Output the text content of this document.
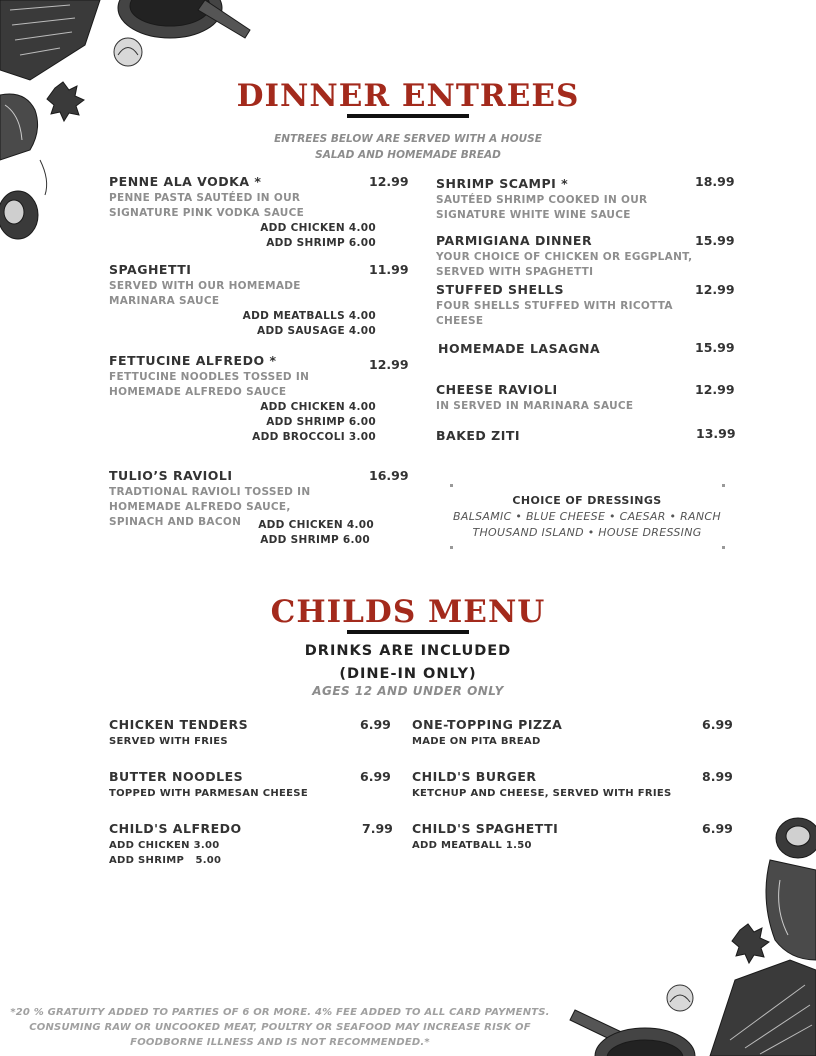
DINNER ENTREES
ENTREES BELOW ARE SERVED WITH A HOUSE
SALAD AND HOMEMADE BREAD
PENNE ALA VODKA *	12.99
PENNE PASTA SAUTÉED IN OUR SIGNATURE PINK VODKA SAUCE
ADD CHICKEN 4.00
ADD SHRIMP 6.00
SPAGHETTI	11.99
SERVED WITH OUR HOMEMADE MARINARA SAUCE
ADD MEATBALLS 4.00
ADD SAUSAGE 4.00
FETTUCINE ALFREDO *	12.99
FETTUCINE NOODLES TOSSED IN HOMEMADE ALFREDO SAUCE
ADD CHICKEN 4.00
ADD SHRIMP 6.00
ADD BROCCOLI 3.00
TULIO’S RAVIOLI	16.99
TRADTIONAL RAVIOLI TOSSED IN HOMEMADE ALFREDO SAUCE, SPINACH AND BACON	ADD CHICKEN 4.00
ADD SHRIMP 6.00
SHRIMP SCAMPI *	18.99
SAUTÉED SHRIMP COOKED IN OUR SIGNATURE WHITE WINE SAUCE
PARMIGIANA DINNER	15.99
YOUR CHOICE OF CHICKEN OR EGGPLANT, SERVED WITH SPAGHETTI
STUFFED SHELLS	12.99
FOUR SHELLS STUFFED WITH RICOTTA CHEESE
HOMEMADE LASAGNA	15.99
CHEESE RAVIOLI	12.99
IN SERVED IN MARINARA SAUCE
BAKED ZITI	13.99
CHOICE OF DRESSINGS
BALSAMIC • BLUE CHEESE • CAESAR • RANCH
THOUSAND ISLAND • HOUSE DRESSING
CHILDS MENU
DRINKS ARE INCLUDED
(DINE-IN ONLY)
AGES 12 AND UNDER ONLY
CHICKEN TENDERS	6.99
SERVED WITH FRIES
BUTTER NOODLES	6.99
TOPPED WITH PARMESAN CHEESE
CHILD'S ALFREDO	7.99
ADD CHICKEN 3.00
ADD SHRIMP   5.00
ONE-TOPPING PIZZA	6.99
MADE ON PITA BREAD
CHILD'S BURGER	8.99
KETCHUP AND CHEESE, SERVED WITH FRIES
CHILD'S SPAGHETTI	6.99
ADD MEATBALL 1.50
*20 % GRATUITY ADDED TO PARTIES OF 6 OR MORE. 4% FEE ADDED TO ALL CARD PAYMENTS.
CONSUMING RAW OR UNCOOKED MEAT, POULTRY OR SEAFOOD MAY INCREASE RISK OF
FOODBORNE ILLNESS AND IS NOT RECOMMENDED.*
